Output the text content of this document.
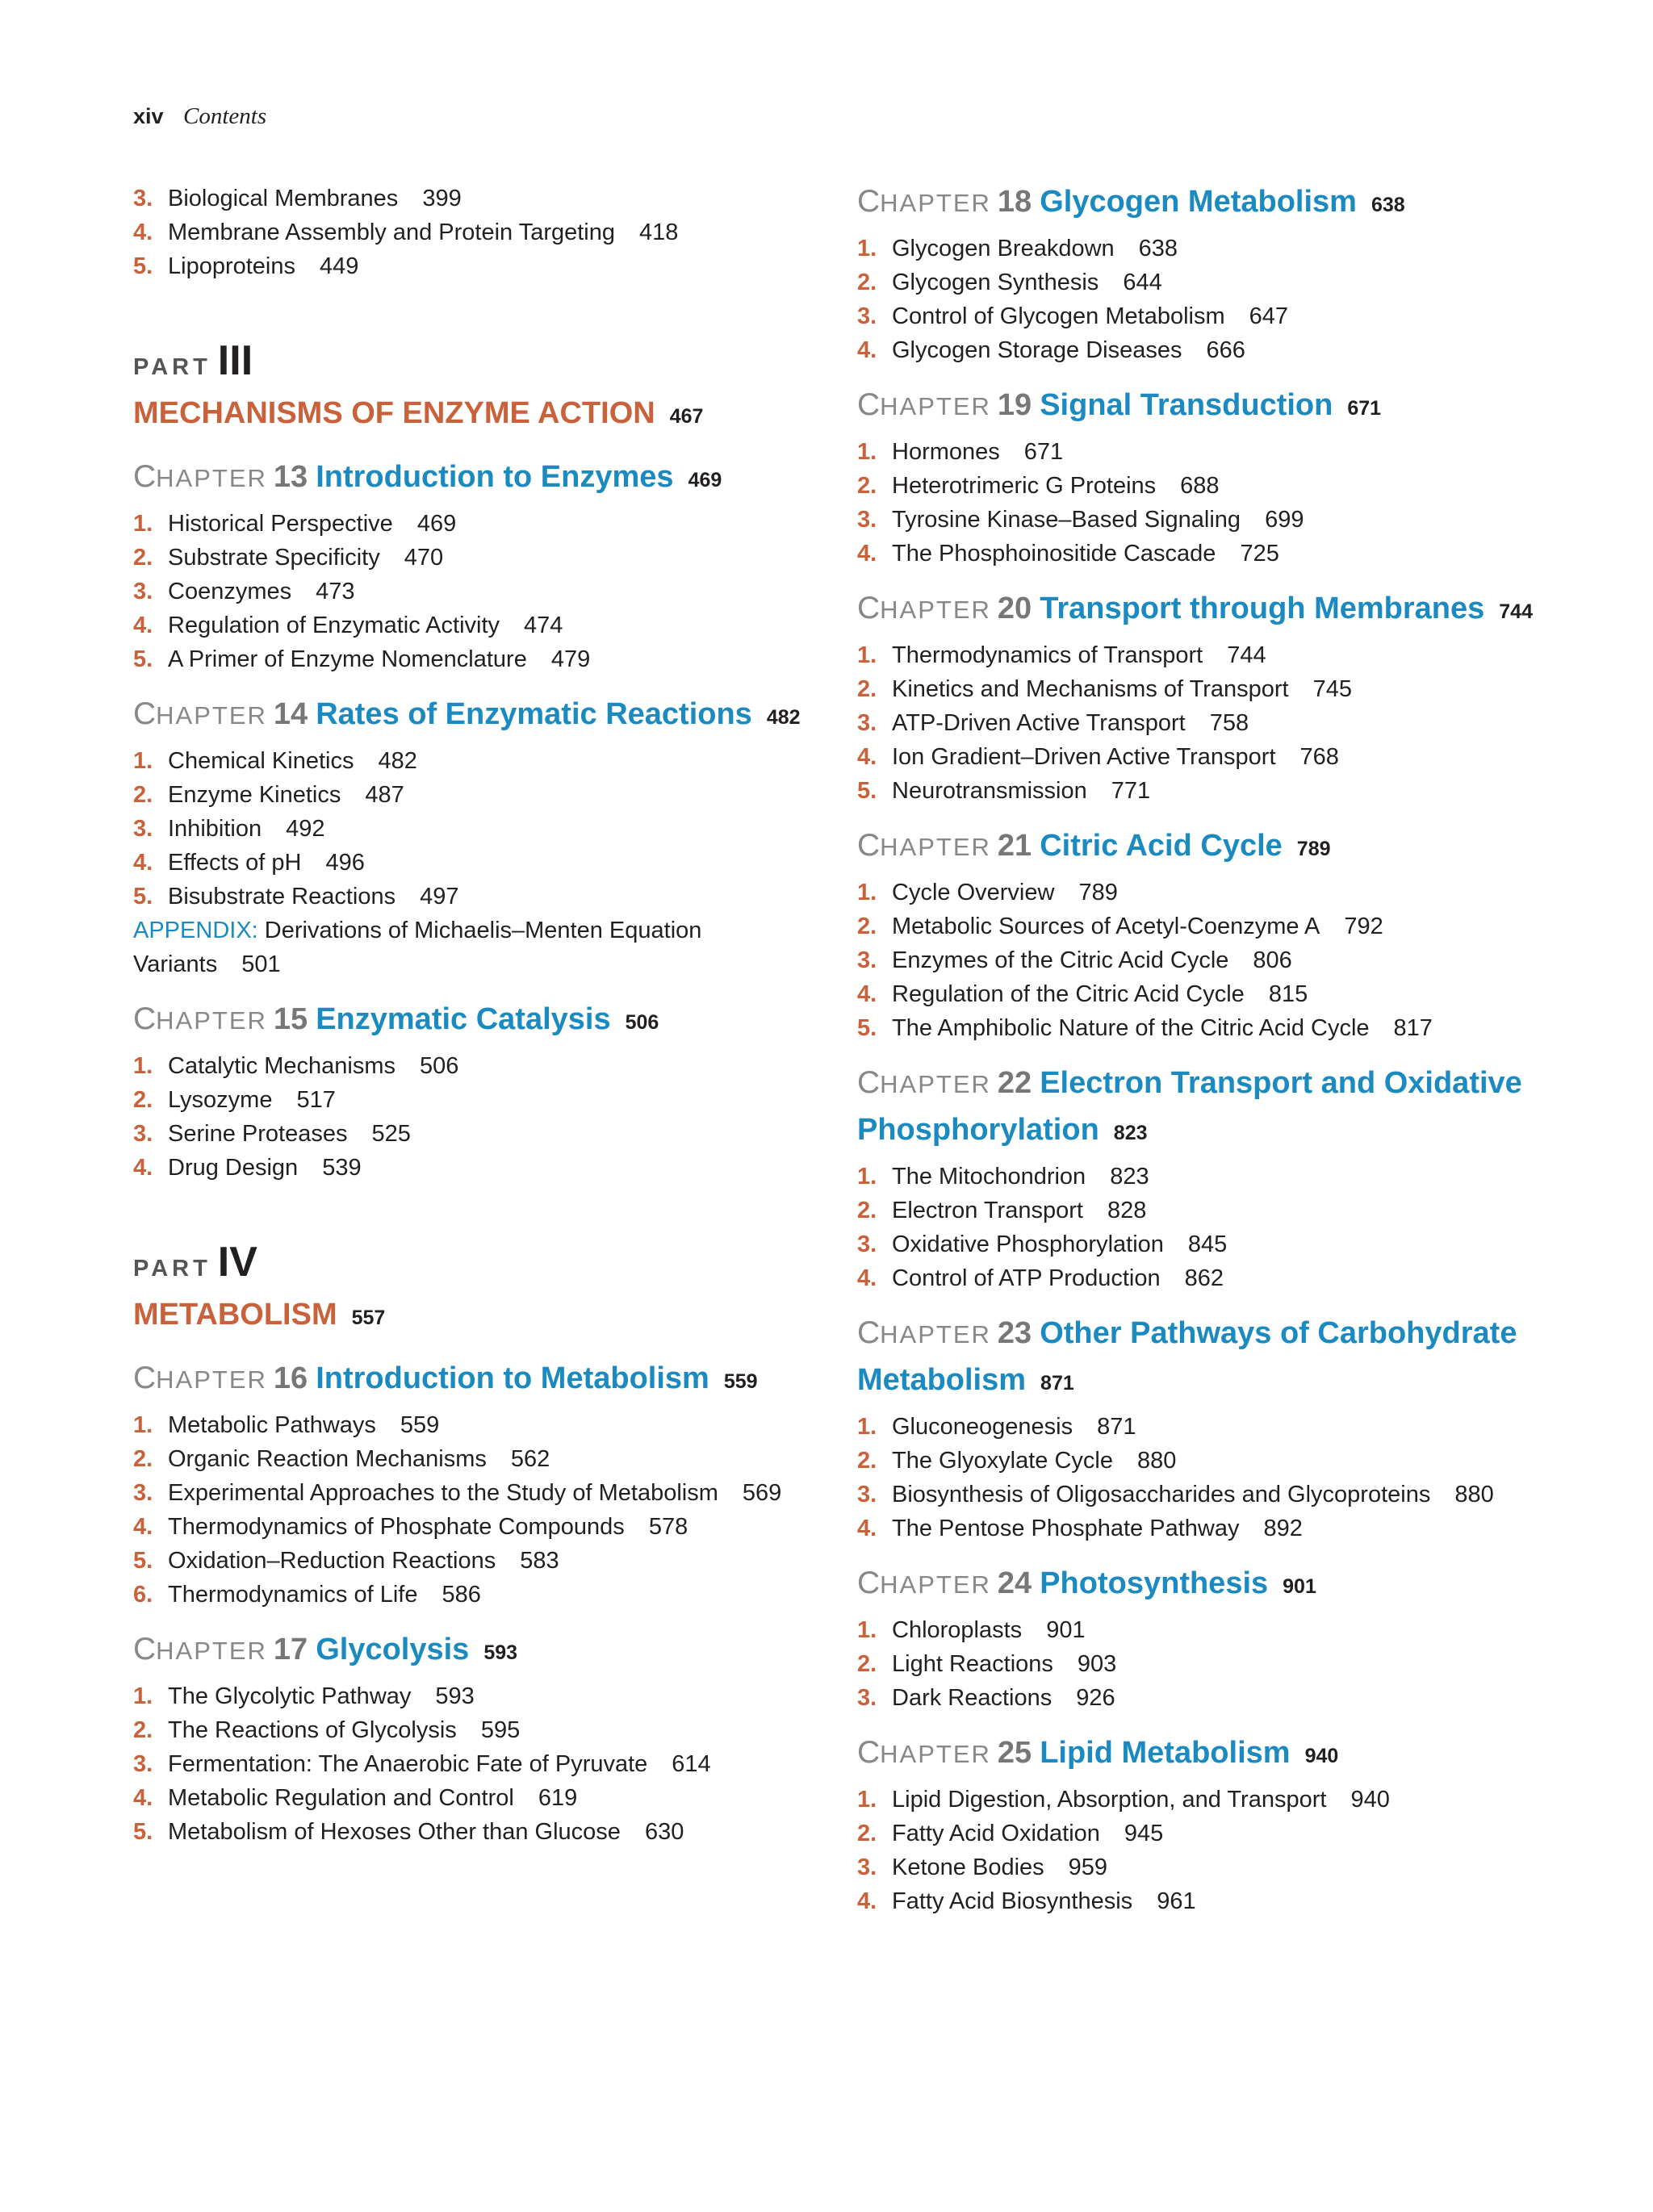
xiv Contents
3. Biological Membranes 399
4. Membrane Assembly and Protein Targeting 418
5. Lipoproteins 449
PART III
MECHANISMS OF ENZYME ACTION 467
CHAPTER 13 Introduction to Enzymes 469
1. Historical Perspective 469
2. Substrate Specificity 470
3. Coenzymes 473
4. Regulation of Enzymatic Activity 474
5. A Primer of Enzyme Nomenclature 479
CHAPTER 14 Rates of Enzymatic Reactions 482
1. Chemical Kinetics 482
2. Enzyme Kinetics 487
3. Inhibition 492
4. Effects of pH 496
5. Bisubstrate Reactions 497
APPENDIX: Derivations of Michaelis–Menten Equation Variants 501
CHAPTER 15 Enzymatic Catalysis 506
1. Catalytic Mechanisms 506
2. Lysozyme 517
3. Serine Proteases 525
4. Drug Design 539
PART IV
METABOLISM 557
CHAPTER 16 Introduction to Metabolism 559
1. Metabolic Pathways 559
2. Organic Reaction Mechanisms 562
3. Experimental Approaches to the Study of Metabolism 569
4. Thermodynamics of Phosphate Compounds 578
5. Oxidation–Reduction Reactions 583
6. Thermodynamics of Life 586
CHAPTER 17 Glycolysis 593
1. The Glycolytic Pathway 593
2. The Reactions of Glycolysis 595
3. Fermentation: The Anaerobic Fate of Pyruvate 614
4. Metabolic Regulation and Control 619
5. Metabolism of Hexoses Other than Glucose 630
CHAPTER 18 Glycogen Metabolism 638
1. Glycogen Breakdown 638
2. Glycogen Synthesis 644
3. Control of Glycogen Metabolism 647
4. Glycogen Storage Diseases 666
CHAPTER 19 Signal Transduction 671
1. Hormones 671
2. Heterotrimeric G Proteins 688
3. Tyrosine Kinase–Based Signaling 699
4. The Phosphoinositide Cascade 725
CHAPTER 20 Transport through Membranes 744
1. Thermodynamics of Transport 744
2. Kinetics and Mechanisms of Transport 745
3. ATP-Driven Active Transport 758
4. Ion Gradient–Driven Active Transport 768
5. Neurotransmission 771
CHAPTER 21 Citric Acid Cycle 789
1. Cycle Overview 789
2. Metabolic Sources of Acetyl-Coenzyme A 792
3. Enzymes of the Citric Acid Cycle 806
4. Regulation of the Citric Acid Cycle 815
5. The Amphibolic Nature of the Citric Acid Cycle 817
CHAPTER 22 Electron Transport and Oxidative Phosphorylation 823
1. The Mitochondrion 823
2. Electron Transport 828
3. Oxidative Phosphorylation 845
4. Control of ATP Production 862
CHAPTER 23 Other Pathways of Carbohydrate Metabolism 871
1. Gluconeogenesis 871
2. The Glyoxylate Cycle 880
3. Biosynthesis of Oligosaccharides and Glycoproteins 880
4. The Pentose Phosphate Pathway 892
CHAPTER 24 Photosynthesis 901
1. Chloroplasts 901
2. Light Reactions 903
3. Dark Reactions 926
CHAPTER 25 Lipid Metabolism 940
1. Lipid Digestion, Absorption, and Transport 940
2. Fatty Acid Oxidation 945
3. Ketone Bodies 959
4. Fatty Acid Biosynthesis 961
